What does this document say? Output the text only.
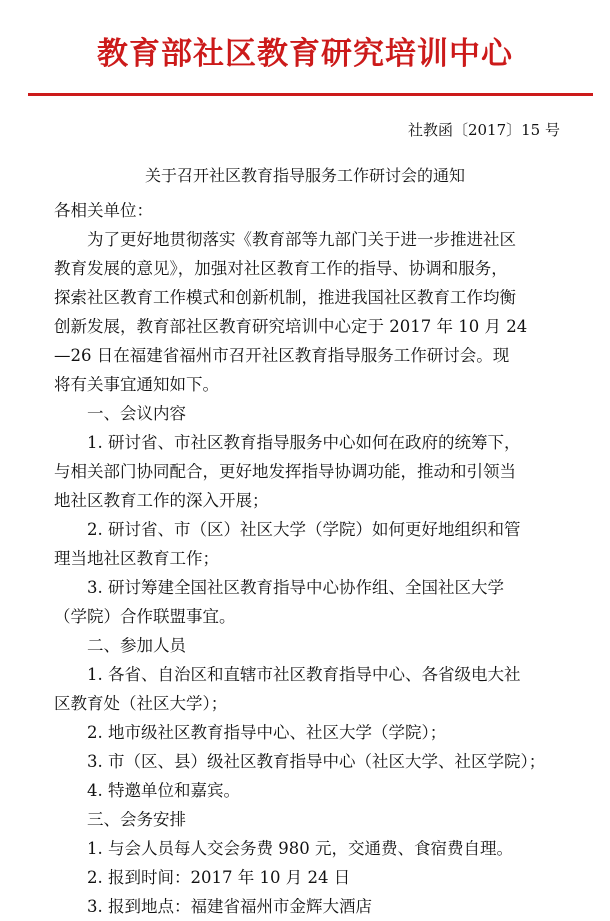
教育部社区教育研究培训中心
社教函〔2017〕15 号
关于召开社区教育指导服务工作研讨会的通知

各相关单位：

为了更好地贯彻落实《教育部等九部门关于进一步推进社区

教育发展的意见》，加强对社区教育工作的指导、协调和服务，

探索社区教育工作模式和创新机制，推进我国社区教育工作均衡

创新发展，教育部社区教育研究培训中心定于 2017 年 10 月 24

—26 日在福建省福州市召开社区教育指导服务工作研讨会。现

将有关事宜通知如下。

一、会议内容

1. 研讨省、市社区教育指导服务中心如何在政府的统筹下，

与相关部门协同配合，更好地发挥指导协调功能，推动和引领当

地社区教育工作的深入开展；

2. 研讨省、市（区）社区大学（学院）如何更好地组织和管

理当地社区教育工作；

3. 研讨筹建全国社区教育指导中心协作组、全国社区大学

（学院）合作联盟事宜。

二、参加人员

1. 各省、自治区和直辖市社区教育指导中心、各省级电大社

区教育处（社区大学）；

2. 地市级社区教育指导中心、社区大学（学院）；

3. 市（区、县）级社区教育指导中心（社区大学、社区学院）；

4. 特邀单位和嘉宾。

三、会务安排

1. 与会人员每人交会务费 980 元，交通费、食宿费自理。

2. 报到时间：2017 年 10 月 24 日

3. 报到地点：福建省福州市金辉大酒店
